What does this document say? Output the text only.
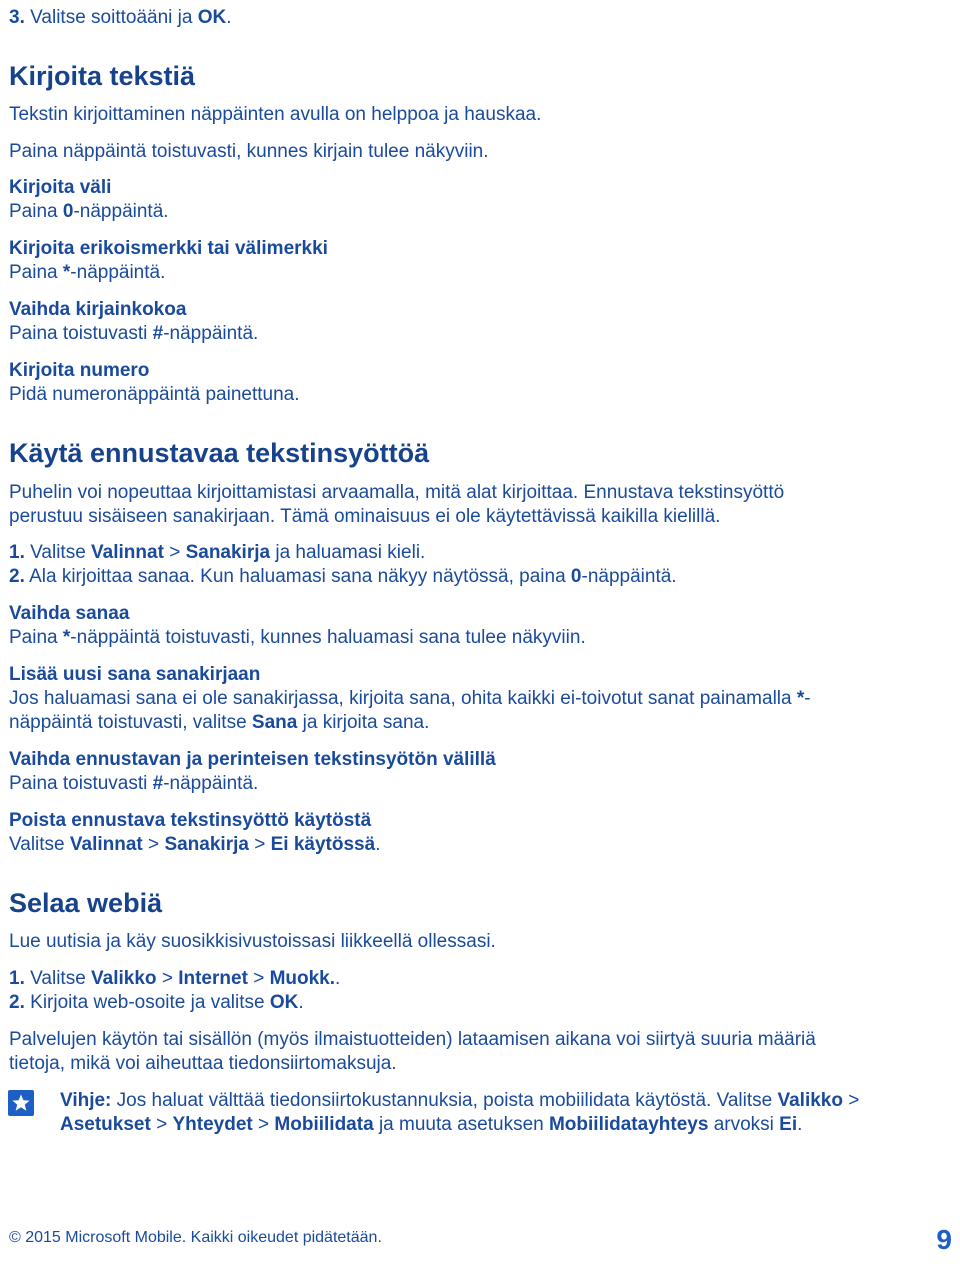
3. Valitse soittoääni ja OK.
Kirjoita tekstiä
Tekstin kirjoittaminen näppäinten avulla on helppoa ja hauskaa.
Paina näppäintä toistuvasti, kunnes kirjain tulee näkyviin.
Kirjoita väli
Paina 0-näppäintä.
Kirjoita erikoismerkki tai välimerkki
Paina *-näppäintä.
Vaihda kirjainkokoa
Paina toistuvasti #-näppäintä.
Kirjoita numero
Pidä numeronäppäintä painettuna.
Käytä ennustavaa tekstinsyöttöä
Puhelin voi nopeuttaa kirjoittamistasi arvaamalla, mitä alat kirjoittaa. Ennustava tekstinsyöttö
perustuu sisäiseen sanakirjaan. Tämä ominaisuus ei ole käytettävissä kaikilla kielillä.
1. Valitse Valinnat > Sanakirja ja haluamasi kieli.
2. Ala kirjoittaa sanaa. Kun haluamasi sana näkyy näytössä, paina 0-näppäintä.
Vaihda sanaa
Paina *-näppäintä toistuvasti, kunnes haluamasi sana tulee näkyviin.
Lisää uusi sana sanakirjaan
Jos haluamasi sana ei ole sanakirjassa, kirjoita sana, ohita kaikki ei-toivotut sanat painamalla *-
näppäintä toistuvasti, valitse Sana ja kirjoita sana.
Vaihda ennustavan ja perinteisen tekstinsyötön välillä
Paina toistuvasti #-näppäintä.
Poista ennustava tekstinsyöttö käytöstä
Valitse Valinnat > Sanakirja > Ei käytössä.
Selaa webiä
Lue uutisia ja käy suosikkisivustoissasi liikkeellä ollessasi.
1. Valitse Valikko > Internet > Muokk..
2. Kirjoita web-osoite ja valitse OK.
Palvelujen käytön tai sisällön (myös ilmaistuotteiden) lataamisen aikana voi siirtyä suuria määriä
tietoja, mikä voi aiheuttaa tiedonsiirtomaksuja.
Vihje: Jos haluat välttää tiedonsiirtokustannuksia, poista mobiilidata käytöstä. Valitse Valikko >
Asetukset > Yhteydet > Mobiilidata ja muuta asetuksen Mobiilidatayhteys arvoksi Ei.
© 2015 Microsoft Mobile. Kaikki oikeudet pidätetään.	9
